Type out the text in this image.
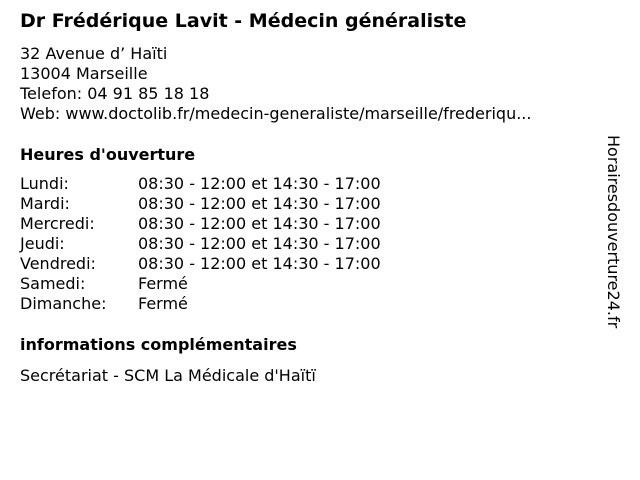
Dr Frédérique Lavit - Médecin généraliste
32 Avenue d’ Haïti
13004 Marseille
Telefon: 04 91 85 18 18
Web: www.doctolib.fr/medecin-generaliste/marseille/frederiqu...
Heures d'ouverture
Lundi:	08:30 - 12:00 et 14:30 - 17:00
Mardi:	08:30 - 12:00 et 14:30 - 17:00
Mercredi:	08:30 - 12:00 et 14:30 - 17:00
Jeudi:	08:30 - 12:00 et 14:30 - 17:00
Vendredi:	08:30 - 12:00 et 14:30 - 17:00
Samedi:	Fermé
Dimanche:	Fermé
informations complémentaires
Secrétariat - SCM La Médicale d'Haïtï
Horairesdouverture24.fr
